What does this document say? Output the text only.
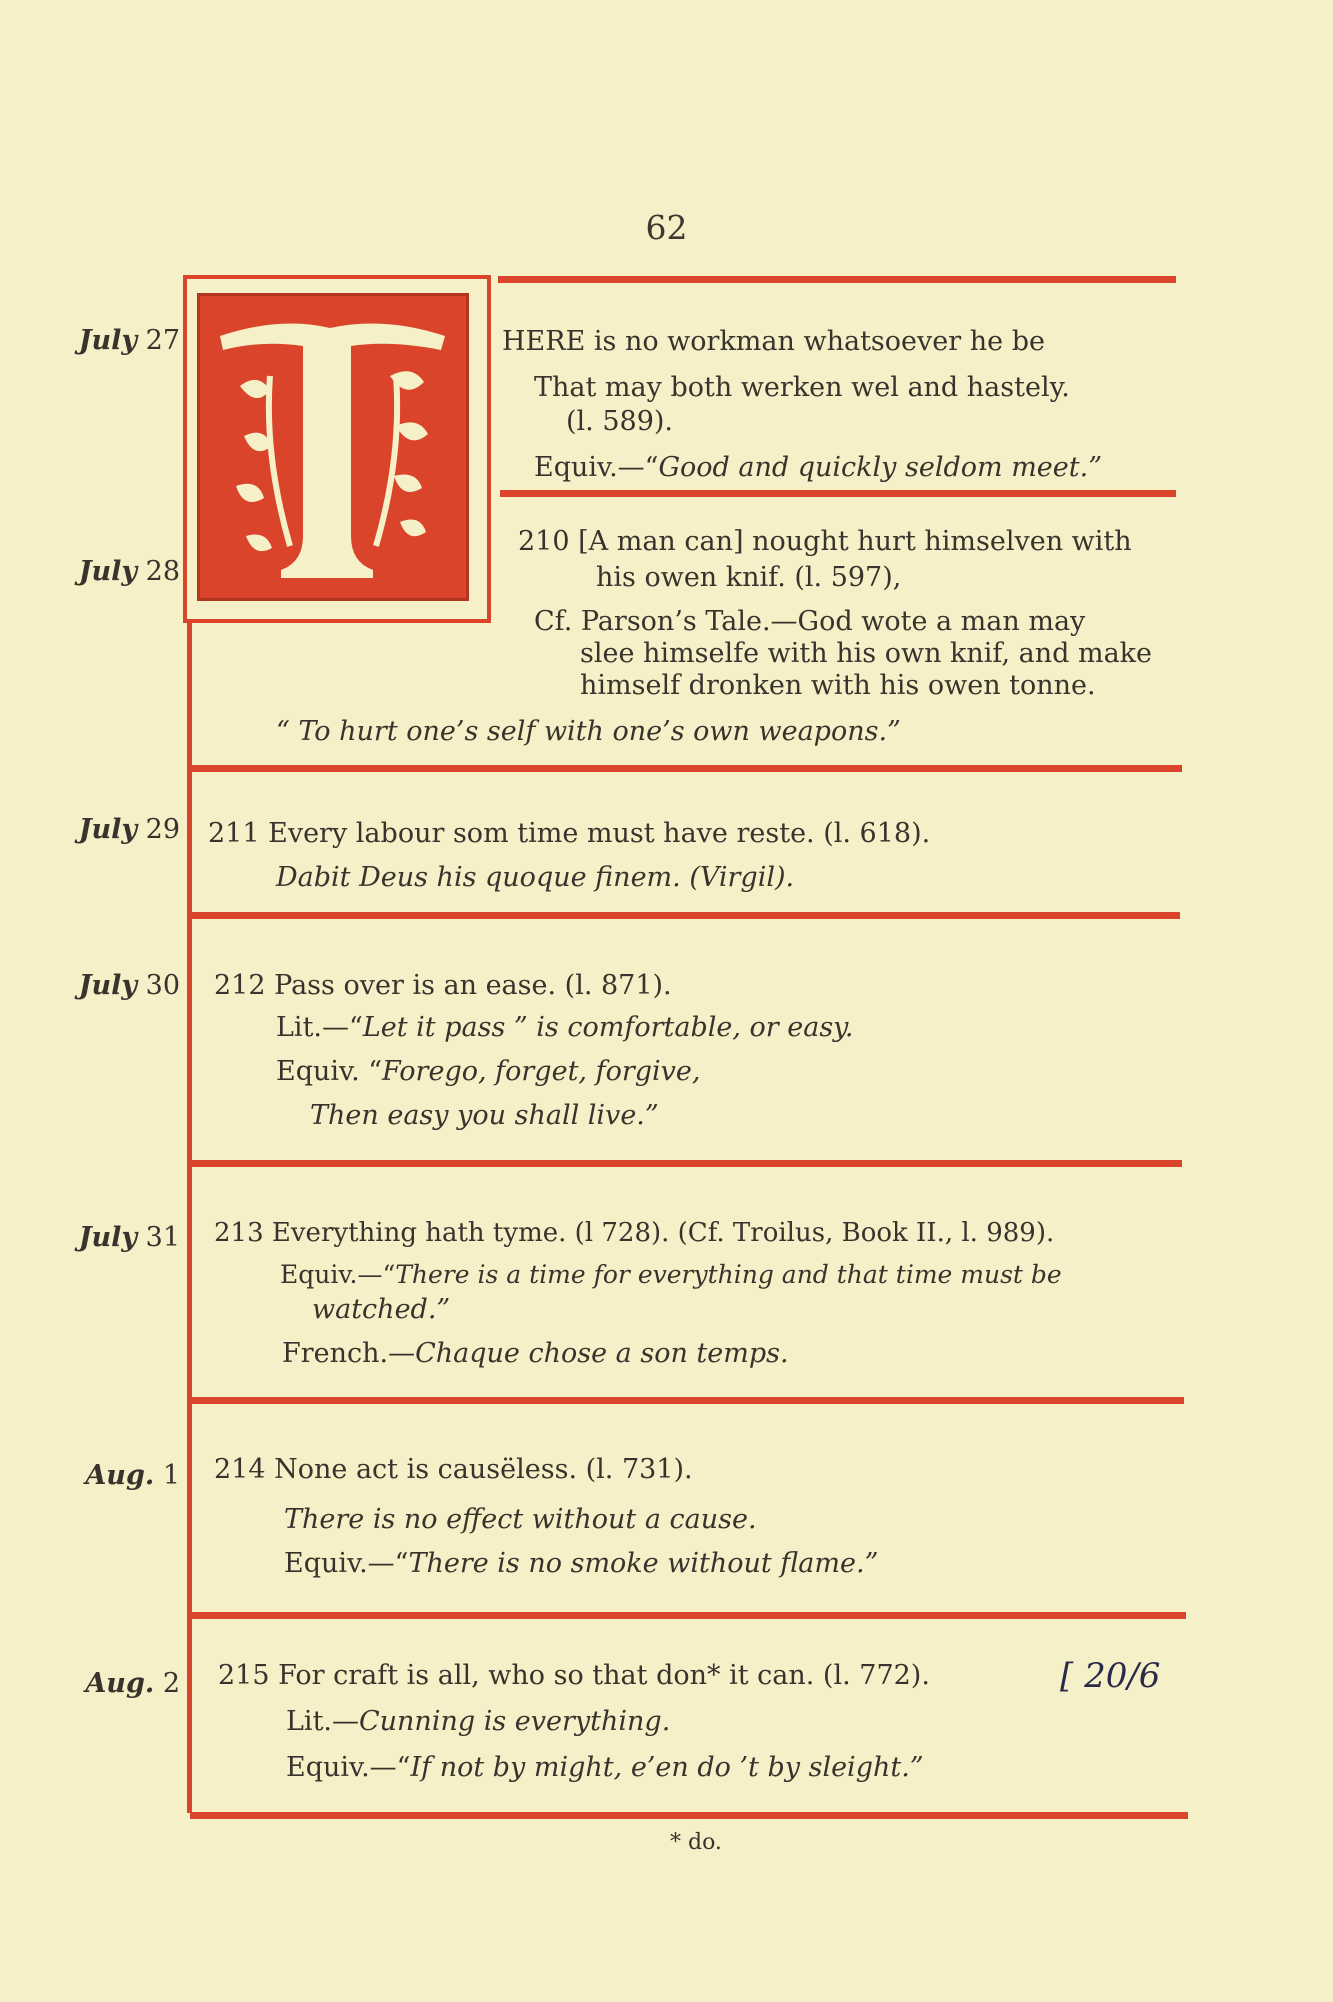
62
July 27
July 28
July 29
July 30
July 31
Aug. 1
Aug. 2
HERE is no workman whatsoever he be
That may both werken wel and hastely.
(l. 589).
Equiv.—“Good and quickly seldom meet.”
210 [A man can] nought hurt himselven with
his owen knif. (l. 597),
Cf. Parson’s Tale.—God wote a man may
slee himselfe with his own knif, and make
himself dronken with his owen tonne.
“ To hurt one’s self with one’s own weapons.”
211 Every labour som time must have reste. (l. 618).
Dabit Deus his quoque finem. (Virgil).
212 Pass over is an ease. (l. 871).
Lit.—“Let it pass ” is comfortable, or easy.
Equiv. “Forego, forget, forgive,
Then easy you shall live.”
213 Everything hath tyme. (l 728). (Cf. Troilus, Book II., l. 989).
Equiv.—“There is a time for everything and that time must be
watched.”
French.—Chaque chose a son temps.
214 None act is causëless. (l. 731).
There is no effect without a cause.
Equiv.—“There is no smoke without flame.”
215 For craft is all, who so that don* it can. (l. 772).	[ 20/6
Lit.—Cunning is everything.
Equiv.—“If not by might, e’en do ’t by sleight.”
* do.
